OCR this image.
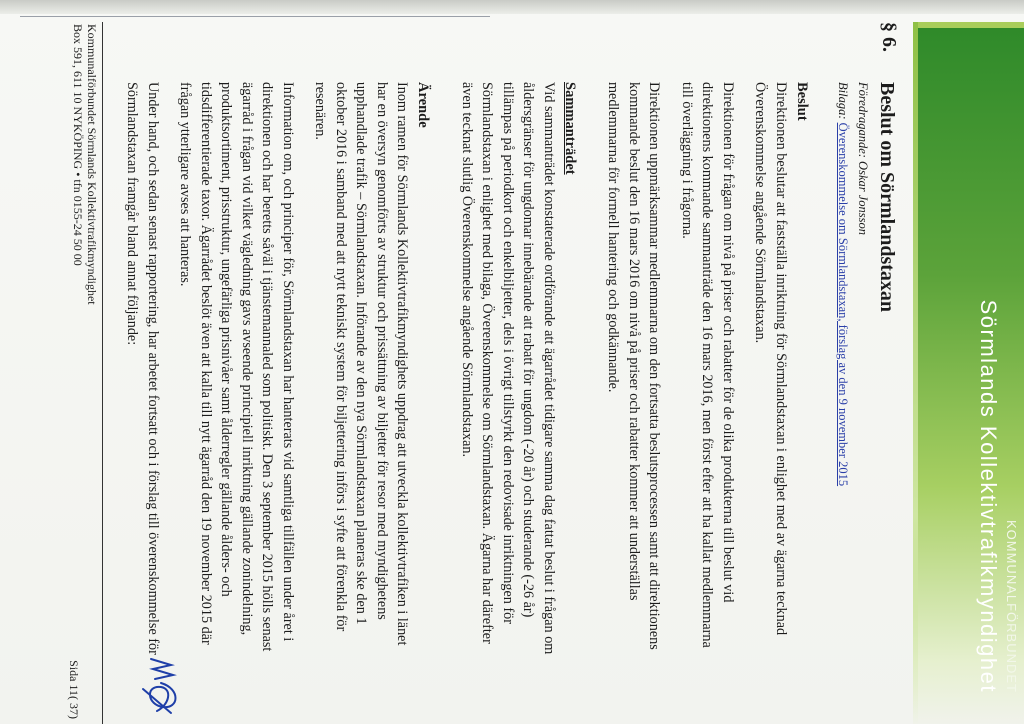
KOMMUNALFÖRBUNDET
Sörmlands Kollektivtrafikmyndighet
§ 6.
Beslut om Sörmlandstaxan
Föredragande: Oskar Jonsson
Bilaga: Överenskommelse om Sörmlandstaxan, förslag av den 9 november 2015
Beslut

Direktionen beslutar att fastställa inriktning för Sörmlandstaxan i enlighet med av ägarna tecknad Överenskommelse angående Sörmlandstaxan.

Direktionen för frågan om nivå på priser och rabatter för de olika produkterna till beslut vid direktionens kommande sammanträde den 16 mars 2016, men först efter att ha kallat medlemmarna till överläggning i frågorna.

Direktionen uppmärksammar medlemmarna om den fortsatta beslutsprocessen samt att direktionens kommande beslut den 16 mars 2016 om nivå på priser och rabatter kommer att underställas medlemmarna för formell hantering och godkännande.

Sammanträdet

Vid sammanträdet konstaterade ordförande att ägarrådet tidigare samma dag fattat beslut i frågan om åldersgränser för ungdomar innebärande att rabatt för ungdom (-20 år) och studerande (-26 år) tillämpas på periodkort och enkelbiljetter, dels i övrigt tillstyrkt den redovisade inriktningen för Sörmlandstaxan i enlighet med bilaga, Överenskommelse om Sörmlandstaxan. Ägarna har därefter även tecknat slutlig Överenskommelse angående Sörmlandstaxan.

Ärende

Inom ramen för Sörmlands Kollektivtrafikmyndighets uppdrag att utveckla kollektivtrafiken i länet har en översyn genomförts av struktur och prissättning av biljetter för resor med myndighetens upphandlade trafik – Sörmlandstaxan. Införande av den nya Sörmlandstaxan planeras ske den 1 oktober 2016 i samband med att nytt tekniskt system för biljettering införs i syfte att förenkla för resenären.

Information om, och principer för, Sörmlandstaxan har hanterats vid samtliga tillfällen under året i direktionen och har beretts såväl i tjänstemannaled som politiskt. Den 3 september 2015 hölls senast ägarråd i frågan vid vilket vägledning gavs avseende principiell inriktning gällande zonindelning, produktsortiment, prisstruktur, ungefärliga prisnivåer samt ålderregler gällande ålders- och tidsdifferentierade taxor. Ägarrådet beslöt även att kalla till nytt ägarråd den 19 november 2015 där frågan ytterligare avses att hanteras.

Under hand, och sedan senast rapportering, har arbetet fortsatt och i förslag till överenskommelse för Sörmlandstaxan framgår bland annat följande:

Kommunalförbundet Sörmlands Kollektivtrafikmyndighet
Box 591, 611 10 NYKÖPING • tfn 0155-24 50 00
Sida 11( 37)
